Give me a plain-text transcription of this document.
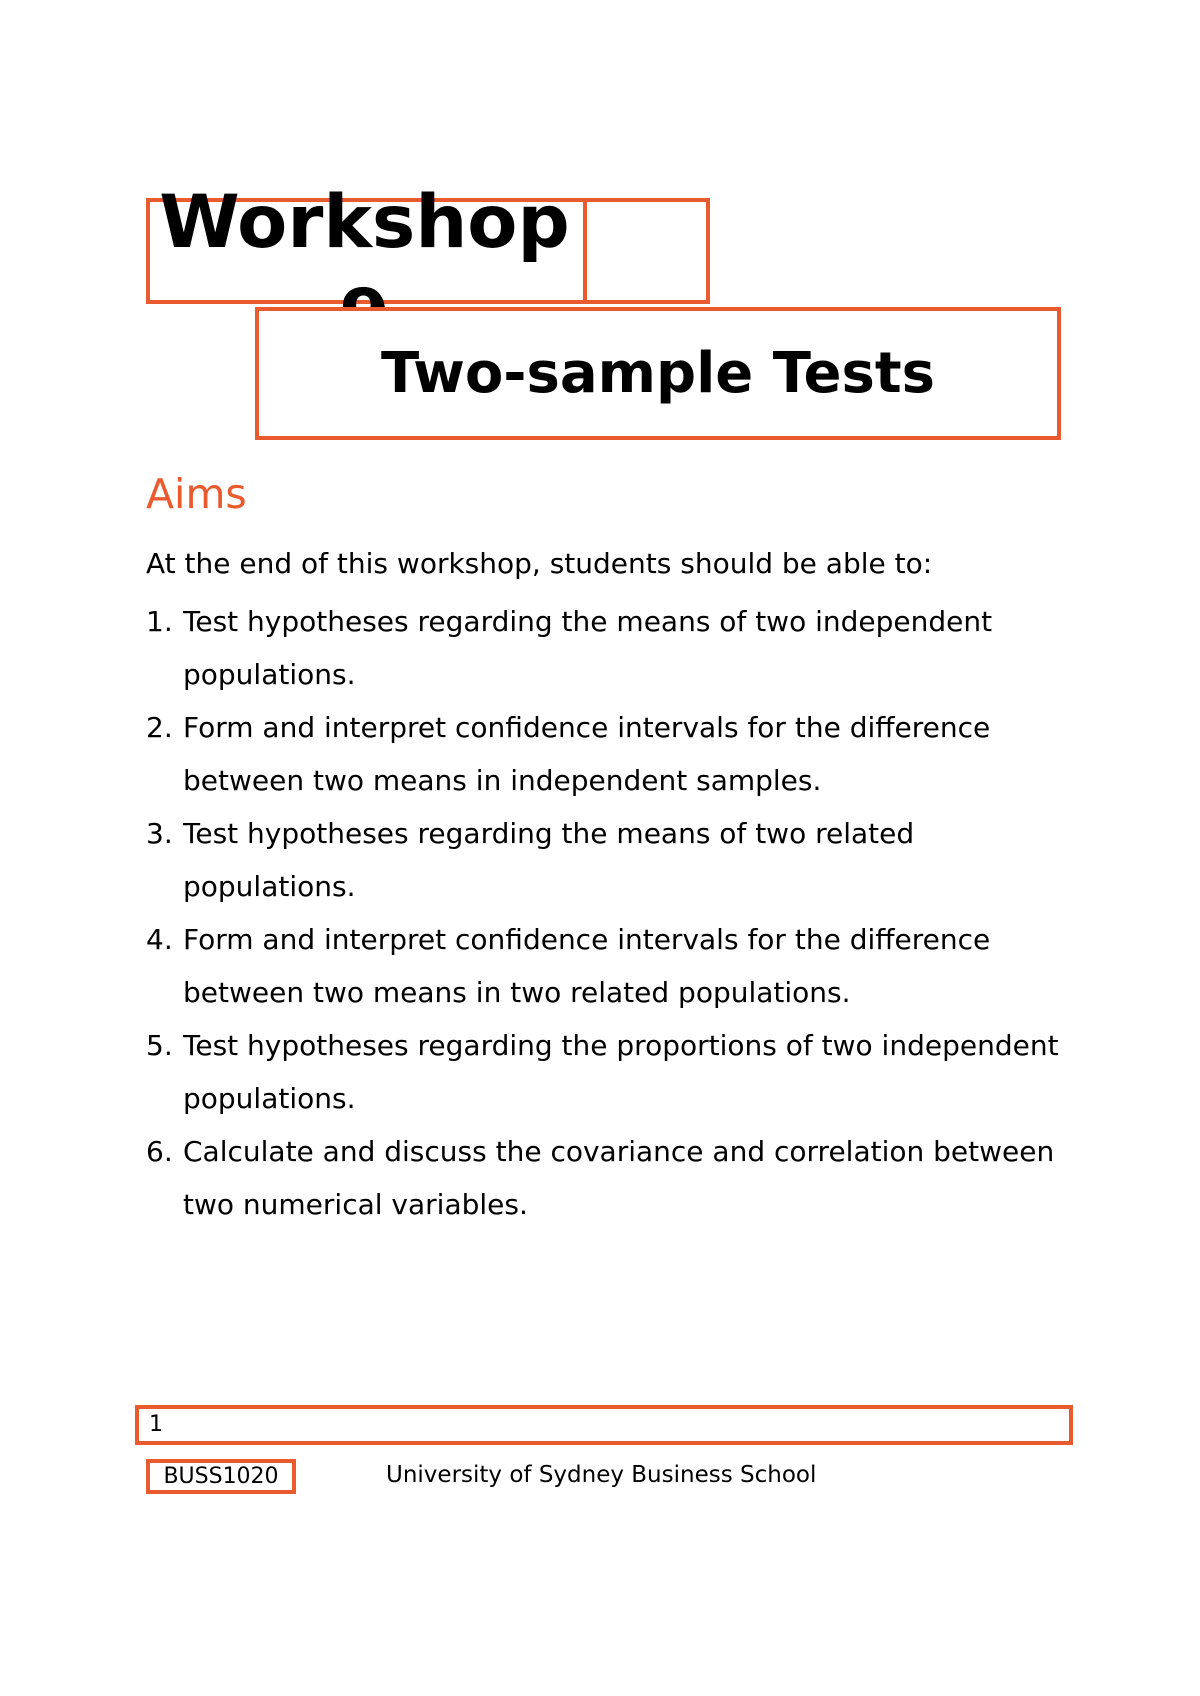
Workshop
Two-sample Tests
Aims

At the end of this workshop, students should be able to:

1. Test hypotheses regarding the means of two independent populations.
2. Form and interpret confidence intervals for the difference between two means in independent samples.
3. Test hypotheses regarding the means of two related populations.
4. Form and interpret confidence intervals for the difference between two means in two related populations.
5. Test hypotheses regarding the proportions of two independent populations.
6. Calculate and discuss the covariance and correlation between two numerical variables.
1
BUSS1020	University of Sydney Business School
